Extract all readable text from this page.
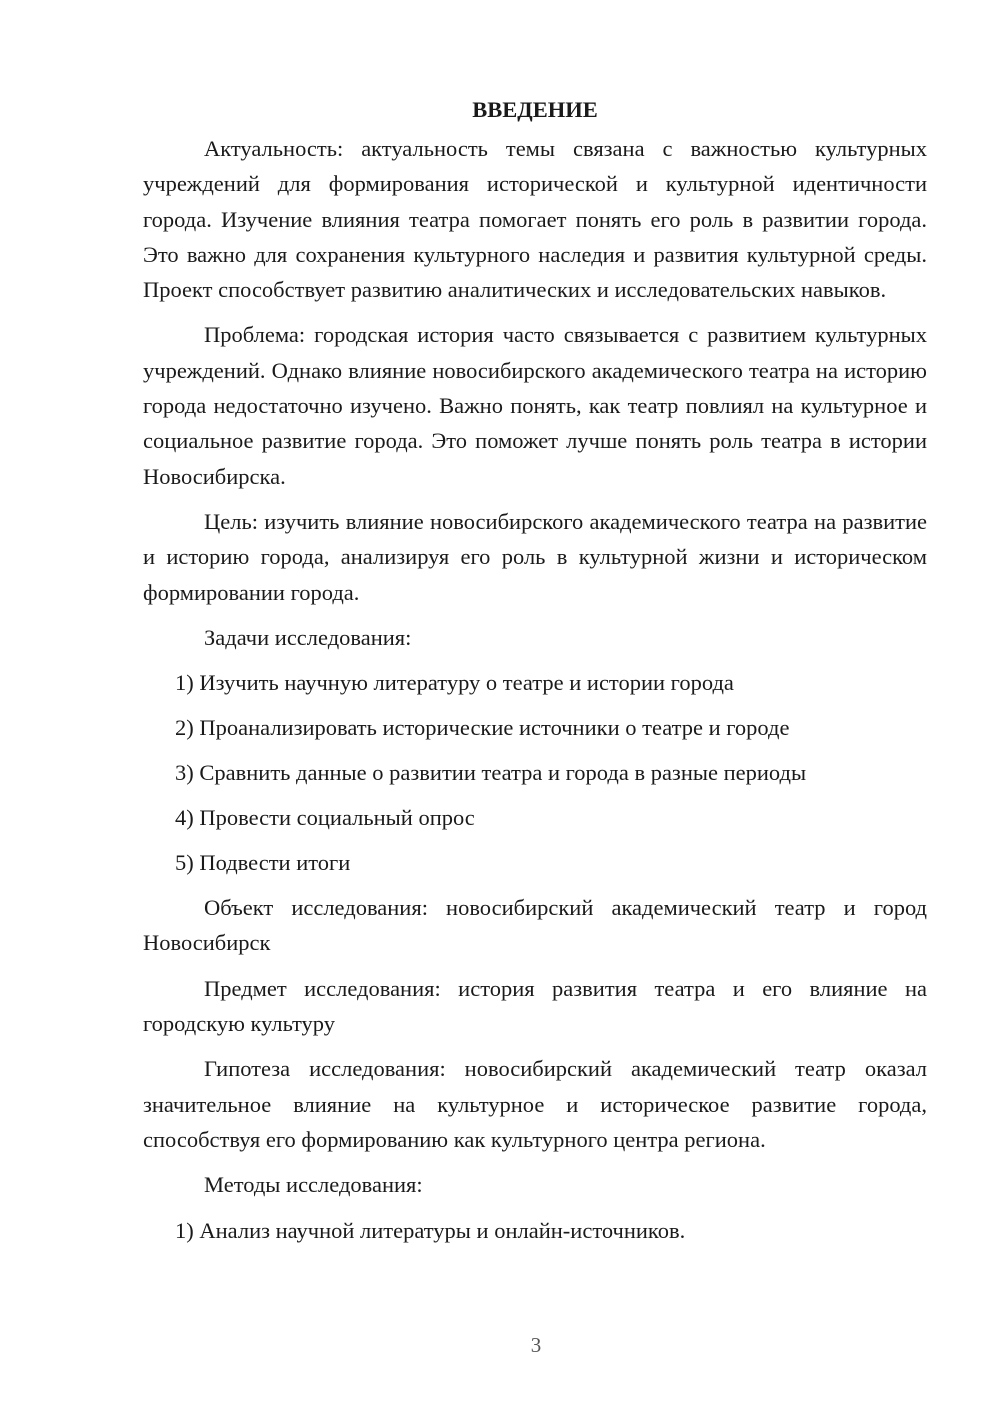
ВВЕДЕНИЕ
Актуальность: актуальность темы связана с важностью культурных учреждений для формирования исторической и культурной идентичности города. Изучение влияния театра помогает понять его роль в развитии города. Это важно для сохранения культурного наследия и развития культурной среды. Проект способствует развитию аналитических и исследовательских навыков.
Проблема: городская история часто связывается с развитием культурных учреждений. Однако влияние новосибирского академического театра на историю города недостаточно изучено. Важно понять, как театр повлиял на культурное и социальное развитие города. Это поможет лучше понять роль театра в истории Новосибирска.
Цель: изучить влияние новосибирского академического театра на развитие и историю города, анализируя его роль в культурной жизни и историческом формировании города.
Задачи исследования:
1) Изучить научную литературу о театре и истории города
2) Проанализировать исторические источники о театре и городе
3) Сравнить данные о развитии театра и города в разные периоды
4) Провести социальный опрос
5) Подвести итоги
Объект исследования: новосибирский академический театр и город Новосибирск
Предмет исследования: история развития театра и его влияние на городскую культуру
Гипотеза исследования: новосибирский академический театр оказал значительное влияние на культурное и историческое развитие города, способствуя его формированию как культурного центра региона.
Методы исследования:
1) Анализ научной литературы и онлайн-источников.
3
